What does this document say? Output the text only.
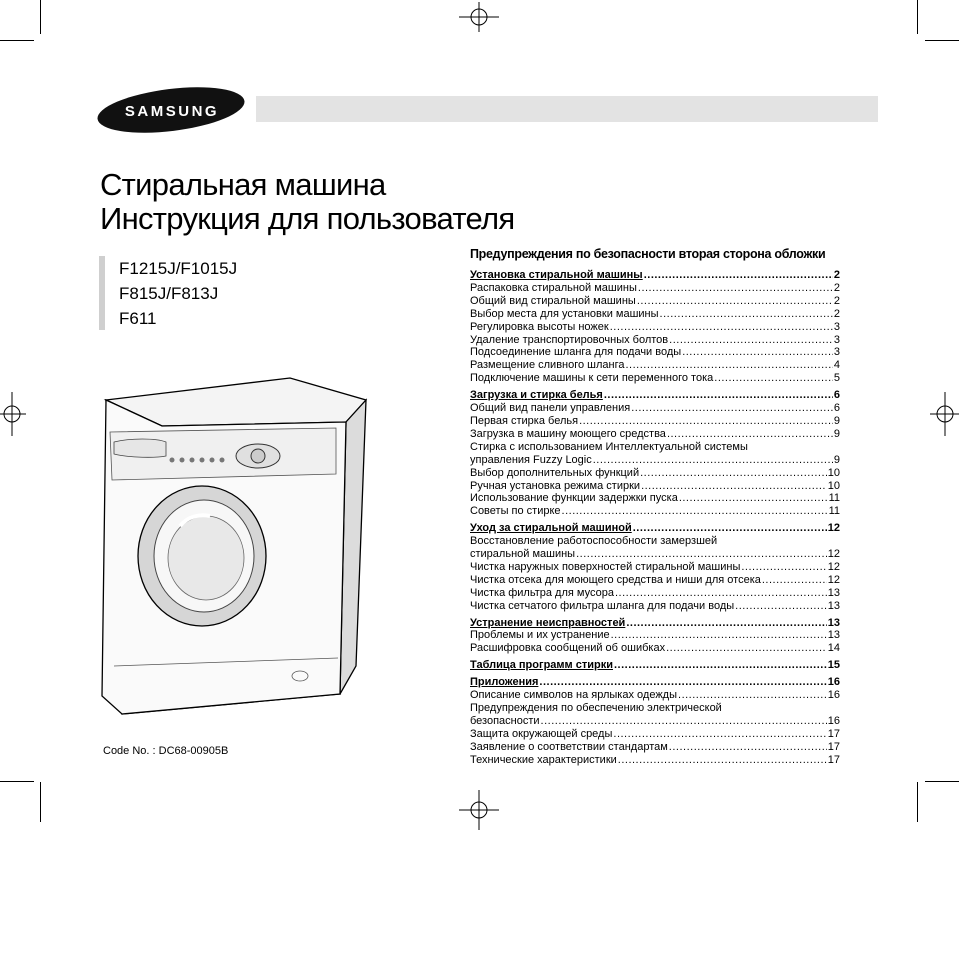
SAMSUNG
Стиральная машина
Инструкция для пользователя
F1215J/F1015J
F815J/F813J
F611
Code No. : DC68-00905B
Предупреждения по безопасности вторая сторона обложки
Установка стиральной машины .....	2
Распаковка стиральной машины .....	2
Общий вид стиральной машины .....	2
Выбор места для установки машины .....	2
Регулировка высоты ножек .....	3
Удаление транспортировочных болтов .....	3
Подсоединение шланга для подачи воды .....	3
Размещение сливного шланга .....	4
Подключение машины к сети переменного тока .....	5
Загрузка и стирка белья .....	6
Общий вид панели управления .....	6
Первая стирка белья .....	9
Загрузка в машину моющего средства .....	9
Стирка с использованием Интеллектуальной системы
управления Fuzzy Logic .....	9
Выбор дополнительных функций .....	10
Ручная установка режима стирки .....	10
Использование функции задержки пуска .....	11
Советы по стирке .....	11
Уход за стиральной машиной .....	12
Восстановление работоспособности замерзшей
стиральной машины .....	12
Чистка наружных поверхностей стиральной машины .....	12
Чистка отсека для моющего средства и ниши для отсека .....	12
Чистка фильтра для мусора .....	13
Чистка сетчатого фильтра шланга для подачи воды .....	13
Устранение неисправностей .....	13
Проблемы и их устранение .....	13
Расшифровка сообщений об ошибках .....	14
Таблица программ стирки .....	15
Приложения .....	16
Описание символов на ярлыках одежды .....	16
Предупреждения по обеспечению электрической
безопасности .....	16
Защита окружающей среды .....	17
Заявление о соответствии стандартам .....	17
Технические характеристики .....	17
